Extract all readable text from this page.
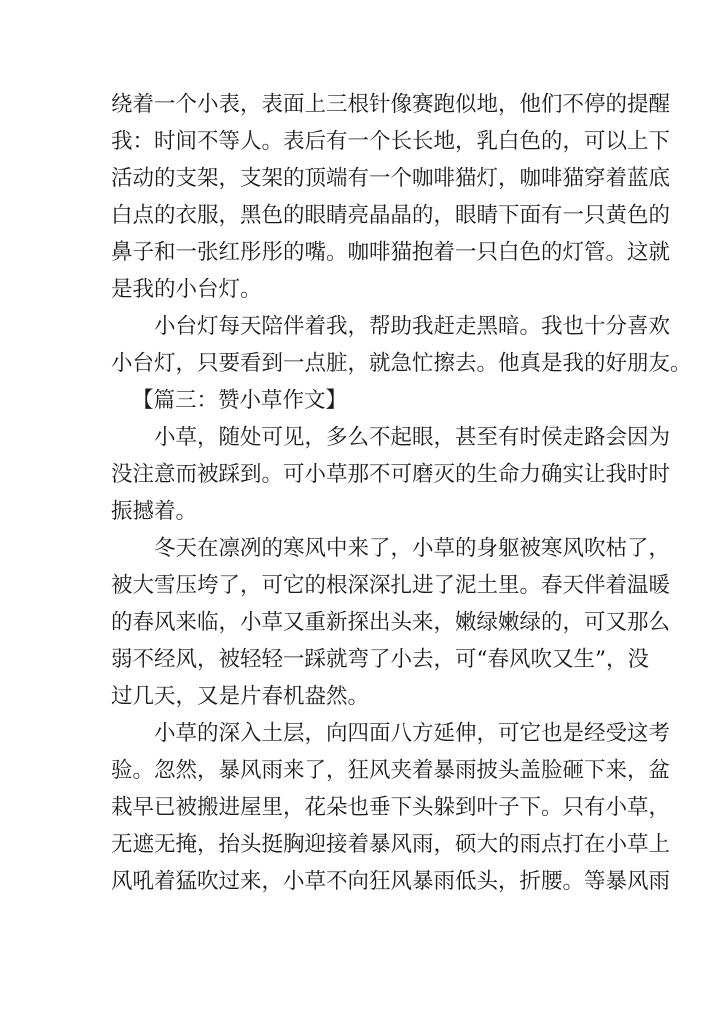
绕着一个小表，表面上三根针像赛跑似地，他们不停的提醒
我：时间不等人。表后有一个长长地，乳白色的，可以上下
活动的支架，支架的顶端有一个咖啡猫灯，咖啡猫穿着蓝底
白点的衣服，黑色的眼睛亮晶晶的，眼睛下面有一只黄色的
鼻子和一张红彤彤的嘴。咖啡猫抱着一只白色的灯管。这就
是我的小台灯。
小台灯每天陪伴着我，帮助我赶走黑暗。我也十分喜欢
小台灯，只要看到一点脏，就急忙擦去。他真是我的好朋友。
【篇三：赞小草作文】
小草，随处可见，多么不起眼，甚至有时侯走路会因为
没注意而被踩到。可小草那不可磨灭的生命力确实让我时时
振撼着。
冬天在凛冽的寒风中来了，小草的身躯被寒风吹枯了，
被大雪压垮了，可它的根深深扎进了泥土里。春天伴着温暖
的春风来临，小草又重新探出头来，嫩绿嫩绿的，可又那么
弱不经风，被轻轻一踩就弯了小去，可“春风吹又生”，没
过几天，又是片春机盎然。
小草的深入土层，向四面八方延伸，可它也是经受这考
验。忽然，暴风雨来了，狂风夹着暴雨披头盖脸砸下来，盆
栽早已被搬进屋里，花朵也垂下头躲到叶子下。只有小草，
无遮无掩，抬头挺胸迎接着暴风雨，硕大的雨点打在小草上
风吼着猛吹过来，小草不向狂风暴雨低头，折腰。等暴风雨
